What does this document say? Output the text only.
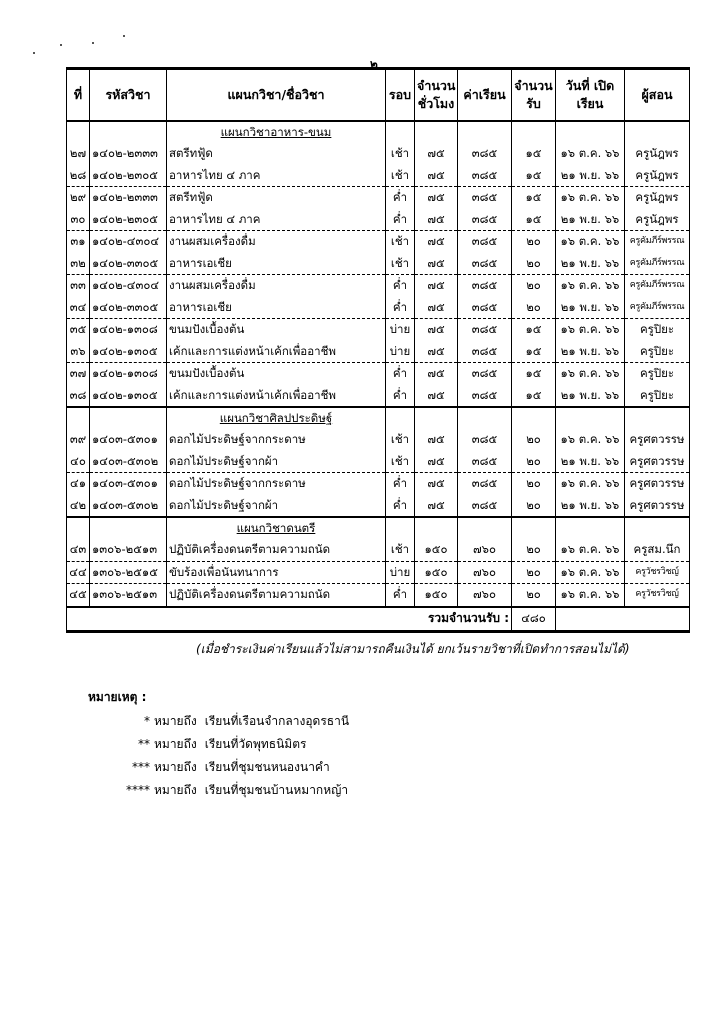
๒
ที่	รหัสวิชา	แผนกวิชา/ชื่อวิชา	รอบ	จำนวน ชั่วโมง	ค่าเรียน	จำนวน รับ	วันที่ เปิดเรียน	ผู้สอน
		แผนกวิชาอาหาร-ขนม						
๒๗	๑๔๐๒-๒๓๓๓	สตรีทฟู้ด	เช้า	๗๕	๓๘๕	๑๕	๑๖ ต.ค. ๖๖	ครูนัฎพร
๒๘	๑๔๐๒-๒๓๐๕	อาหารไทย ๔ ภาค	เช้า	๗๕	๓๘๕	๑๕	๒๑ พ.ย. ๖๖	ครูนัฎพร
๒๙	๑๔๐๒-๒๓๓๓	สตรีทฟู้ด	ค่ำ	๗๕	๓๘๕	๑๕	๑๖ ต.ค. ๖๖	ครูนัฎพร
๓๐	๑๔๐๒-๒๓๐๕	อาหารไทย ๔ ภาค	ค่ำ	๗๕	๓๘๕	๑๕	๒๑ พ.ย. ๖๖	ครูนัฎพร
๓๑	๑๔๐๒-๔๓๐๔	งานผสมเครื่องดื่ม	เช้า	๗๕	๓๘๕	๒๐	๑๖ ต.ค. ๖๖	ครูคัมภีร์พรรณ
๓๒	๑๔๐๒-๓๓๐๕	อาหารเอเชีย	เช้า	๗๕	๓๘๕	๒๐	๒๑ พ.ย. ๖๖	ครูคัมภีร์พรรณ
๓๓	๑๔๐๒-๔๓๐๔	งานผสมเครื่องดื่ม	ค่ำ	๗๕	๓๘๕	๒๐	๑๖ ต.ค. ๖๖	ครูคัมภีร์พรรณ
๓๔	๑๔๐๒-๓๓๐๕	อาหารเอเชีย	ค่ำ	๗๕	๓๘๕	๒๐	๒๑ พ.ย. ๖๖	ครูคัมภีร์พรรณ
๓๕	๑๔๐๒-๑๓๐๘	ขนมปังเบื้องต้น	บ่าย	๗๕	๓๘๕	๑๕	๑๖ ต.ค. ๖๖	ครูปิยะ
๓๖	๑๔๐๒-๑๓๐๕	เค้กและการแต่งหน้าเค้กเพื่ออาชีพ	บ่าย	๗๕	๓๘๕	๑๕	๒๑ พ.ย. ๖๖	ครูปิยะ
๓๗	๑๔๐๒-๑๓๐๘	ขนมปังเบื้องต้น	ค่ำ	๗๕	๓๘๕	๑๕	๑๖ ต.ค. ๖๖	ครูปิยะ
๓๘	๑๔๐๒-๑๓๐๕	เค้กและการแต่งหน้าเค้กเพื่ออาชีพ	ค่ำ	๗๕	๓๘๕	๑๕	๒๑ พ.ย. ๖๖	ครูปิยะ
		แผนกวิชาศิลปประดิษฐ์						
๓๙	๑๔๐๓-๕๓๐๑	ดอกไม้ประดิษฐ์จากกระดาษ	เช้า	๗๕	๓๘๕	๒๐	๑๖ ต.ค. ๖๖	ครูศตวรรษ
๔๐	๑๔๐๓-๕๓๐๒	ดอกไม้ประดิษฐ์จากผ้า	เช้า	๗๕	๓๘๕	๒๐	๒๑ พ.ย. ๖๖	ครูศตวรรษ
๔๑	๑๔๐๓-๕๓๐๑	ดอกไม้ประดิษฐ์จากกระดาษ	ค่ำ	๗๕	๓๘๕	๒๐	๑๖ ต.ค. ๖๖	ครูศตวรรษ
๔๒	๑๔๐๓-๕๓๐๒	ดอกไม้ประดิษฐ์จากผ้า	ค่ำ	๗๕	๓๘๕	๒๐	๒๑ พ.ย. ๖๖	ครูศตวรรษ
		แผนกวิชาดนตรี						
๔๓	๑๓๐๖-๒๕๑๓	ปฏิบัติเครื่องดนตรีตามความถนัด	เช้า	๑๕๐	๗๖๐	๒๐	๑๖ ต.ค. ๖๖	ครูสม.นึก
๔๔	๑๓๐๖-๒๕๑๕	ขับร้องเพื่อนันทนาการ	บ่าย	๑๕๐	๗๖๐	๒๐	๑๖ ต.ค. ๖๖	ครูวัชรวิชญ์
๔๕	๑๓๐๖-๒๕๑๓	ปฏิบัติเครื่องดนตรีตามความถนัด	ค่ำ	๑๕๐	๗๖๐	๒๐	๑๖ ต.ค. ๖๖	ครูวัชรวิชญ์
รวมจำนวนรับ :						๔๘๐		
(เมื่อชำระเงินค่าเรียนแล้วไม่สามารถคืนเงินได้ ยกเว้นรายวิชาที่เปิดทำการสอนไม่ได้)
หมายเหตุ :
* หมายถึง เรียนที่เรือนจำกลางอุดรธานี
** หมายถึง เรียนที่วัดพุทธนิมิตร
*** หมายถึง เรียนที่ชุมชนหนองนาคำ
**** หมายถึง เรียนที่ชุมชนบ้านหมากหญ้า
